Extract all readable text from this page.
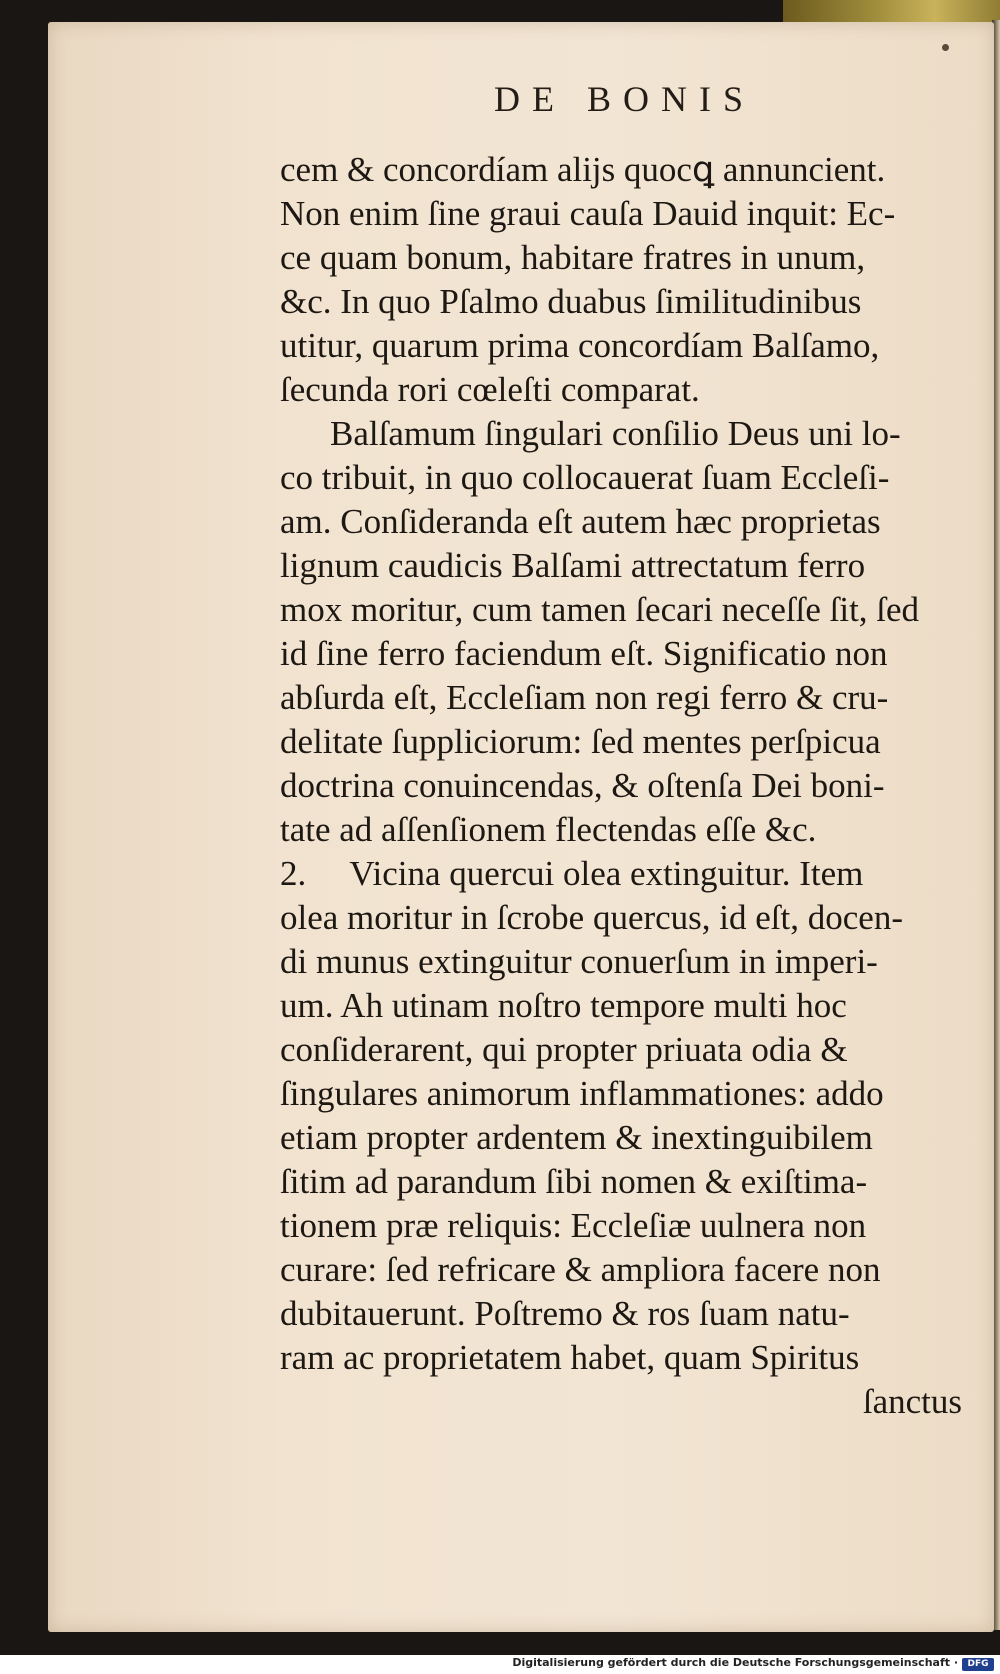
DE BONIS
cem & concordíam alĳs quocꝗ annuncient.
Non enim ſine graui cauſa Dauid inquit: Ec-
ce quam bonum, habitare fratres in unum,
&c. In quo Pſalmo duabus ſimilitudinibus
utitur, quarum prima concordíam Balſamo,
ſecunda rori cœleſti comparat.
Balſamum ſingulari conſilio Deus uni lo-
co tribuit, in quo collocauerat ſuam Eccleſi-
am. Conſideranda eſt autem hæc proprietas
lignum caudicis Balſami attrectatum ferro
mox moritur, cum tamen ſecari neceſſe ſit, ſed
id ſine ferro faciendum eſt. Significatio non
abſurda eſt, Eccleſiam non regi ferro & cru-
delitate ſuppliciorum: ſed mentes perſpicua
doctrina conuincendas, & oſtenſa Dei boni-
tate ad aſſenſionem flectendas eſſe &c.
2.     Vicina quercui olea extinguitur. Item
olea moritur in ſcrobe quercus, id eſt, docen-
di munus extinguitur conuerſum in imperi-
um. Ah utinam noſtro tempore multi hoc
conſiderarent, qui propter priuata odia &
ſingulares animorum inflammationes: addo
etiam propter ardentem & inextinguibilem
ſitim ad parandum ſibi nomen & exiſtima-
tionem præ reliquis: Eccleſiæ uulnera non
curare: ſed refricare & ampliora facere non
dubitauerunt. Poſtremo & ros ſuam natu-
ram ac proprietatem habet, quam Spiritus
ſanctus
Digitalisierung gefördert durch die Deutsche Forschungsgemeinschaft ·	DFG
